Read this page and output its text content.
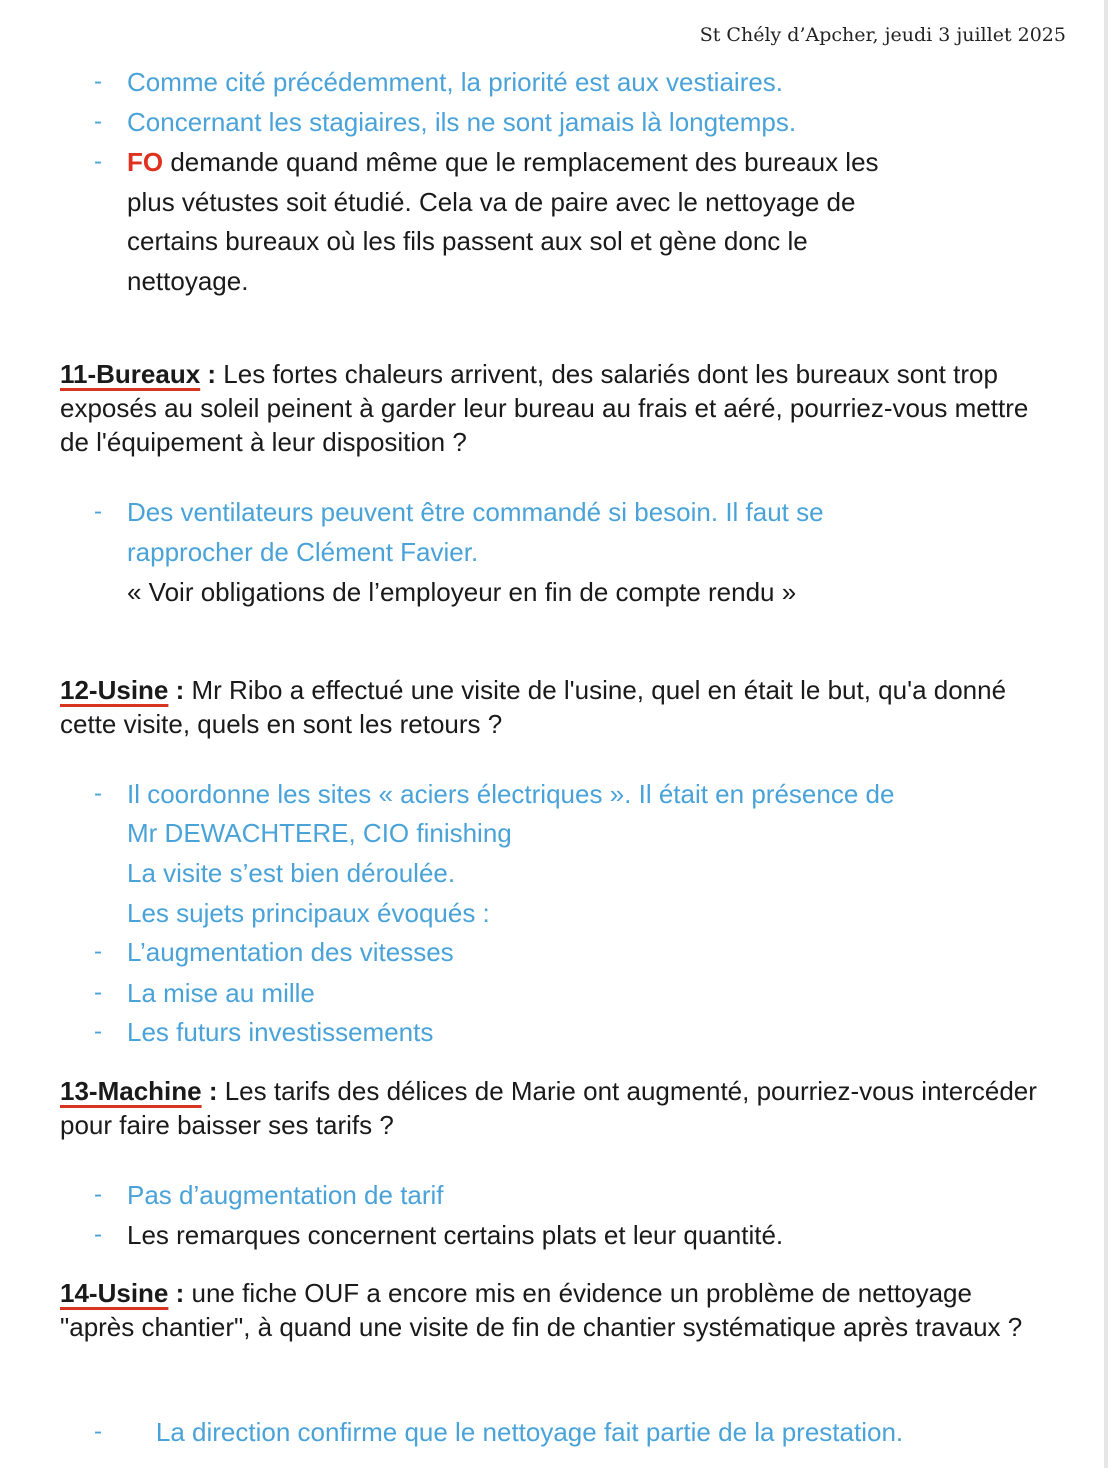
St Chély d’Apcher, jeudi 3 juillet 2025
- Comme cité précédemment, la priorité est aux vestiaires.
- Concernant les stagiaires, ils ne sont jamais là longtemps.
- FO demande quand même que le remplacement des bureaux les
plus vétustes soit étudié. Cela va de paire avec le nettoyage de
certains bureaux où les fils passent aux sol et gène donc le
nettoyage.
11-Bureaux : Les fortes chaleurs arrivent, des salariés dont les bureaux sont trop exposés au soleil peinent à garder leur bureau au frais et aéré, pourriez-vous mettre de l'équipement à leur disposition ?
- Des ventilateurs peuvent être commandé si besoin. Il faut se
rapprocher de Clément Favier.
« Voir obligations de l’employeur en fin de compte rendu »
12-Usine : Mr Ribo a effectué une visite de l'usine, quel en était le but, qu'a donné cette visite, quels en sont les retours ?
- Il coordonne les sites « aciers électriques ». Il était en présence de
Mr DEWACHTERE, CIO finishing
La visite s’est bien déroulée.
Les sujets principaux évoqués :
- L’augmentation des vitesses
- La mise au mille
- Les futurs investissements
13-Machine : Les tarifs des délices de Marie ont augmenté, pourriez-vous intercéder pour faire baisser ses tarifs ?
- Pas d’augmentation de tarif
- Les remarques concernent certains plats et leur quantité.
14-Usine : une fiche OUF a encore mis en évidence un problème de nettoyage "après chantier", à quand une visite de fin de chantier systématique après travaux ?
- La direction confirme que le nettoyage fait partie de la prestation.
